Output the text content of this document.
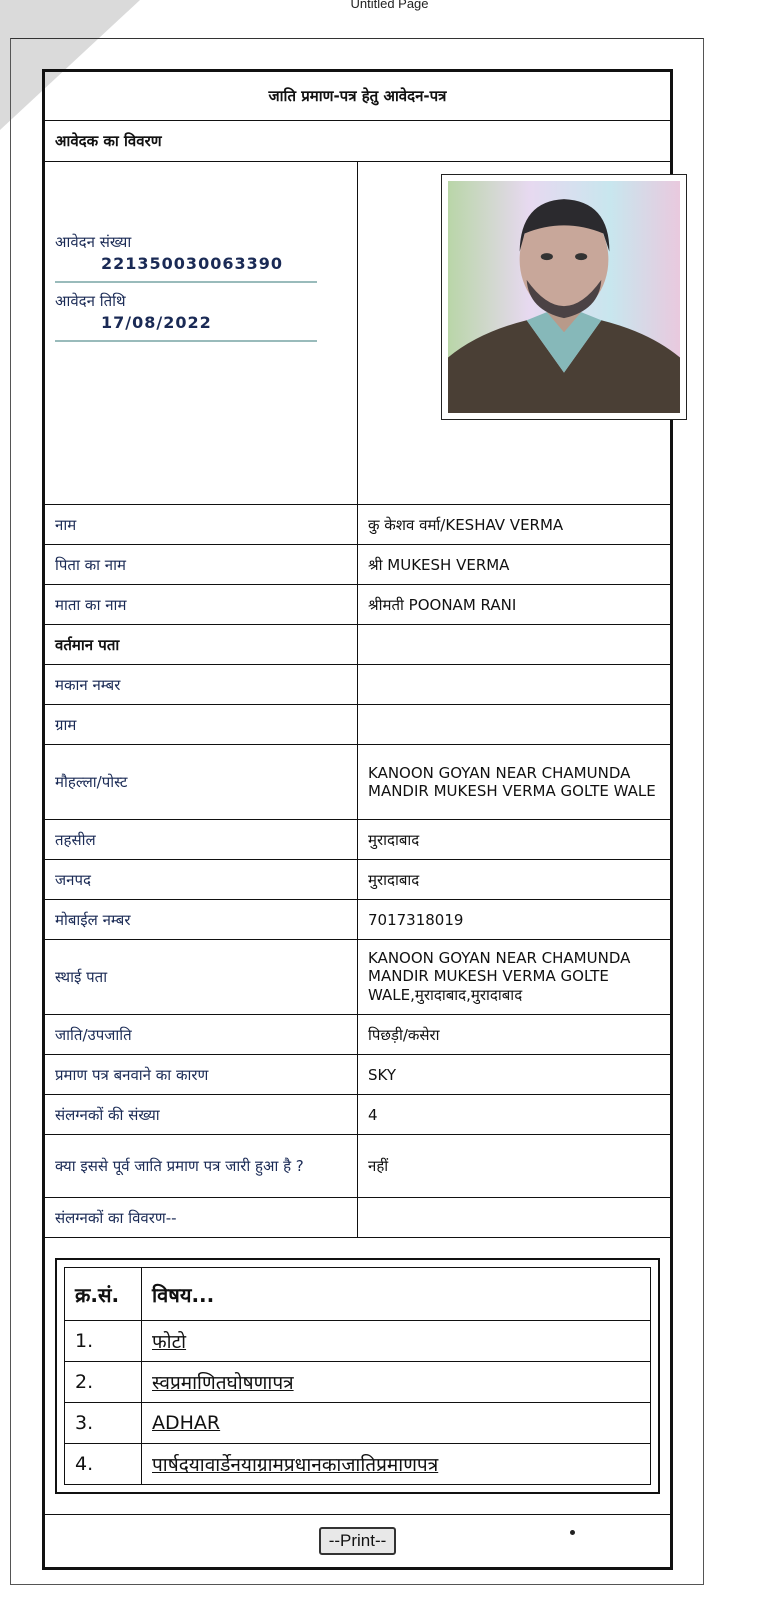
Untitled Page
जाति प्रमाण-पत्र हेतु आवेदन-पत्र
आवेदक का विवरण

आवेदन संख्या
221350030063390
आवेदन तिथि
17/08/2022

नाम	कु केशव वर्मा/KESHAV VERMA
पिता का नाम	श्री MUKESH VERMA
माता का नाम	श्रीमती POONAM RANI
वर्तमान पता	
मकान नम्बर	
ग्राम	
मौहल्ला/पोस्ट	KANOON GOYAN NEAR CHAMUNDA MANDIR MUKESH VERMA GOLTE WALE
तहसील	मुरादाबाद
जनपद	मुरादाबाद
मोबाईल नम्बर	7017318019
स्थाई पता	KANOON GOYAN NEAR CHAMUNDA MANDIR MUKESH VERMA GOLTE WALE,मुरादाबाद,मुरादाबाद
जाति/उपजाति	पिछड़ी/कसेरा
प्रमाण पत्र बनवाने का कारण	SKY
संलग्नकों की संख्या	4
क्या इससे पूर्व जाति प्रमाण पत्र जारी हुआ है ?	नहीं
संलग्नकों का विवरण--	

क्र.सं.	विषय...
1.	फोटो
2.	स्वप्रमाणितघोषणापत्र
3.	ADHAR
4.	पार्षदयावार्डेनयाग्रामप्रधानकाजातिप्रमाणपत्र

--Print--
